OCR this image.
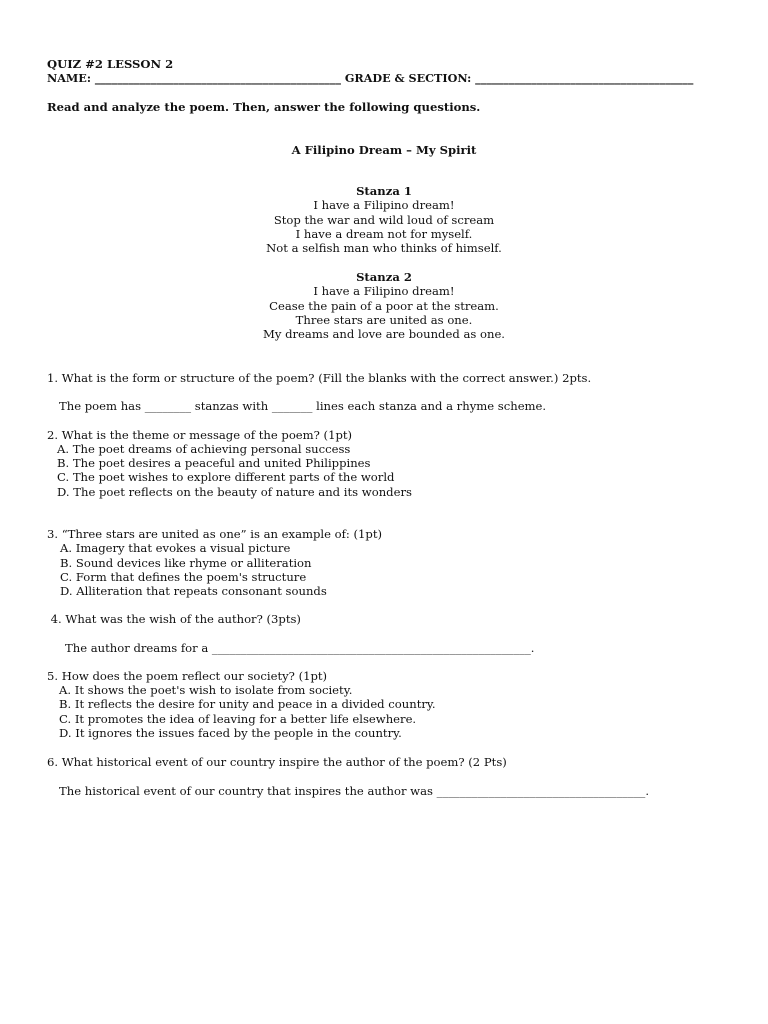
QUIZ #2 LESSON 2
NAME: ____________________________________________ GRADE & SECTION: _______________________________________
Read and analyze the poem. Then, answer the following questions.
A Filipino Dream – My Spirit
Stanza 1
I have a Filipino dream!
Stop the war and wild loud of scream
I have a dream not for myself.
Not a selfish man who thinks of himself.
Stanza 2
I have a Filipino dream!
Cease the pain of a poor at the stream.
Three stars are united as one.
My dreams and love are bounded as one.
1. What is the form or structure of the poem? (Fill the blanks with the correct answer.) 2pts.
The poem has ________ stanzas with _______ lines each stanza and a rhyme scheme.
2. What is the theme or message of the poem? (1pt)
A. The poet dreams of achieving personal success
B. The poet desires a peaceful and united Philippines
C. The poet wishes to explore different parts of the world
D. The poet reflects on the beauty of nature and its wonders
3. “Three stars are united as one” is an example of: (1pt)
A. Imagery that evokes a visual picture
B. Sound devices like rhyme or alliteration
C. Form that defines the poem's structure
D. Alliteration that repeats consonant sounds
4. What was the wish of the author? (3pts)
The author dreams for a _______________________________________________________.
5. How does the poem reflect our society? (1pt)
A. It shows the poet's wish to isolate from society.
B. It reflects the desire for unity and peace in a divided country.
C. It promotes the idea of leaving for a better life elsewhere.
D. It ignores the issues faced by the people in the country.
6. What historical event of our country inspire the author of the poem? (2 Pts)
The historical event of our country that inspires the author was ____________________________________.
